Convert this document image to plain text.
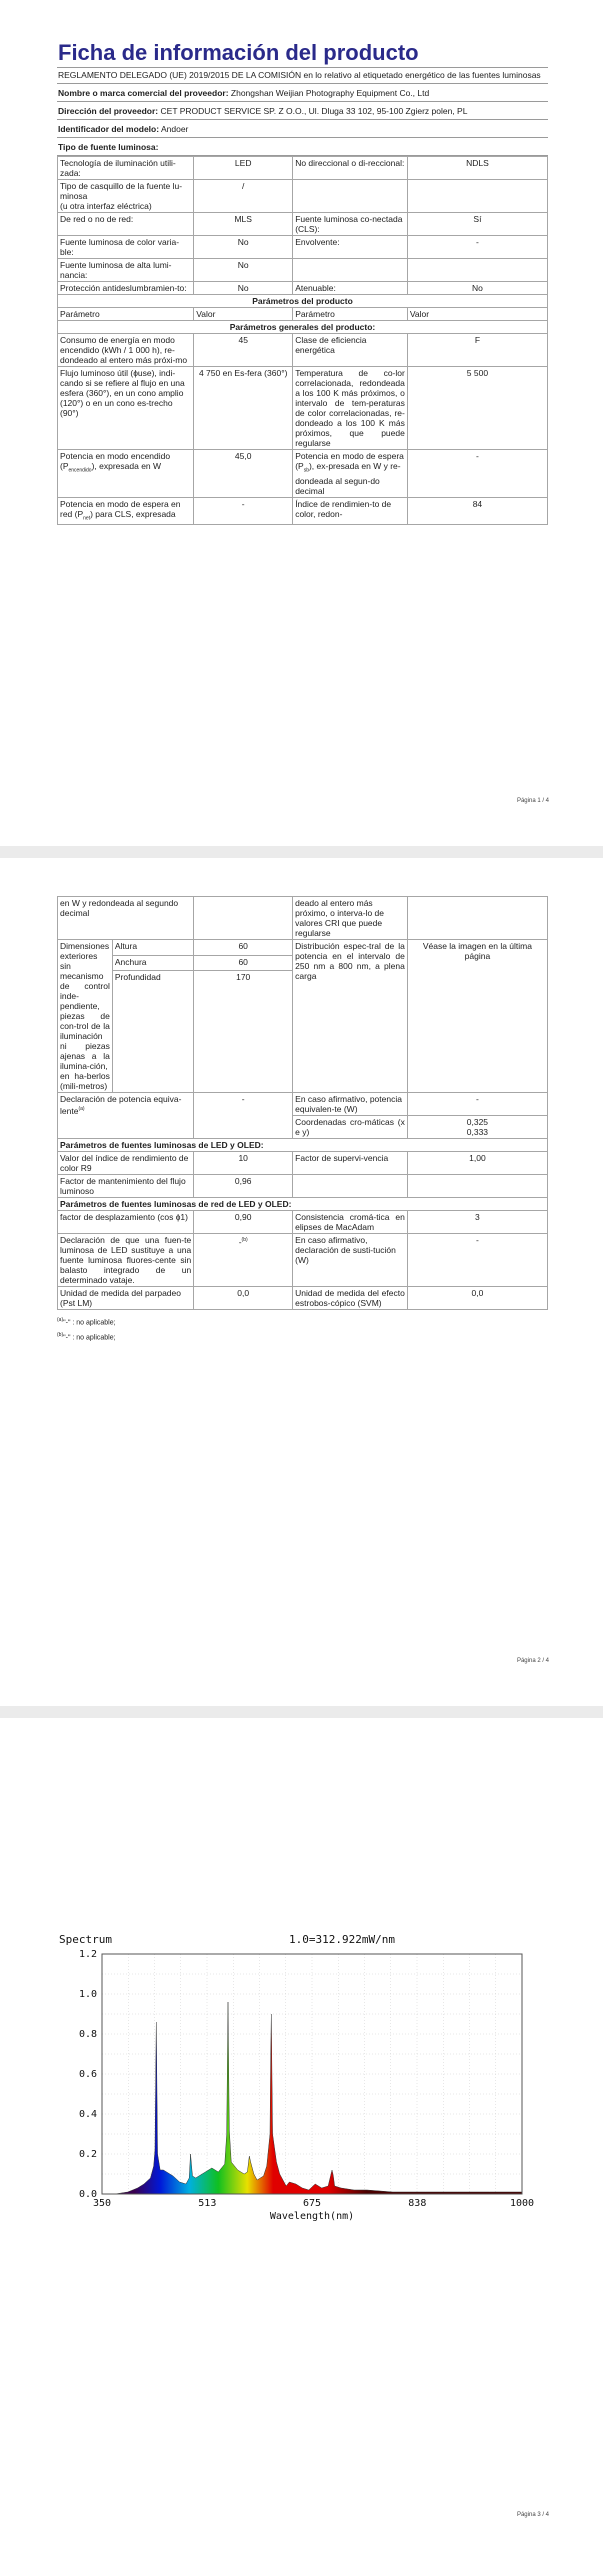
Ficha de información del producto
REGLAMENTO DELEGADO (UE) 2019/2015 DE LA COMISIÓN en lo relativo al etiquetado energético de las fuentes luminosas
Nombre o marca comercial del proveedor: Zhongshan Weijian Photography Equipment Co., Ltd
Dirección del proveedor: CET PRODUCT SERVICE SP. Z O.O., Ul. Dluga 33 102, 95-100 Zgierz polen, PL
Identificador del modelo: Andoer
Tipo de fuente luminosa:
Tecnología de iluminación utili-zada:	LED	No direccional o di-reccional:	NDLS

Tipo de casquillo de la fuente lu-minosa
(u otra interfaz eléctrica)	/		
De red o no de red:	MLS	Fuente luminosa co-nectada (CLS):	Sí
Fuente luminosa de color varia-ble:	No	Envolvente:	-
Fuente luminosa de alta lumi-nancia:	No		
Protección antideslumbramien-to:	No	Atenuable:	No
Parámetros del producto			
Parámetro	Valor	Parámetro	Valor
Parámetros generales del producto:			
Consumo de energía en modo encendido (kWh / 1 000 h), re-dondeado al entero más próxi-mo	45	Clase de eficiencia energética	F
Flujo luminoso útil (ɸuse), indi-cando si se refiere al flujo en una esfera (360°), en un cono amplio (120°) o en un cono es-trecho (90°)	4 750 en Es-fera (360°)	Temperatura de co-lor correlacionada, redondeada a los 100 K más próximos, o intervalo de tem-peraturas de color correlacionadas, re-dondeado a los 100 K más próximos, que puede regularse	5 500
Potencia en modo encendido $(P_{encendido})$, expresada en W	45,0	Potencia en modo de espera $(P_{sb})$, ex-presada en W y re-dondeada al segun-do decimal	-
Potencia en modo de espera en red $(P_{net})$ para CLS, expresada	-	Índice de rendimien-to de color, redon-	84
Página 1 / 4
en W y redondeada al segundo decimal			deado al entero más próximo, o interva-lo de valores CRI que puede regularse	
Dimensiones exteriores sin mecanismo de control inde-pendiente, piezas de con-trol de la iluminación ni piezas ajenas a la ilumina-ción, en ha-berlos (mili-metros)	Altura	60	Distribución espec-tral de la potencia en el intervalo de 250 nm a 800 nm, a plena carga	Véase la imagen en la última página
	Anchura	60		
	Profundidad	170		
Declaración de potencia equiva-lente$^{(a)}$		-	En caso afirmativo, potencia equivalen-te (W)	-
			Coordenadas cro-máticas (x e y)	0,325
0,333

Parámetros de fuentes luminosas de LED y OLED:				
Valor del índice de rendimiento de color R9		10	Factor de supervi-vencia	1,00
Factor de mantenimiento del flujo luminoso		0,96		
Parámetros de fuentes luminosas de red de LED y OLED:				
factor de desplazamiento (cos ɸ1)		0,90	Consistencia cromá-tica en elipses de MacAdam	3
Declaración de que una fuen-te luminosa de LED sustituye a una fuente luminosa fluores-cente sin balasto integrado de un determinado vataje.		-$^{(b)}$	En caso afirmativo, declaración de susti-tución (W)	-
Unidad de medida del parpadeo (Pst LM)		0,0	Unidad de medida del efecto estrobos-cópico (SVM)	0,0
$^{(a)}$"-" : no aplicable;
$^{(b)}$"-" : no aplicable;
Página 2 / 4
Spectrum	1.0=312.922mW/nm
0.0
0.2
0.4
0.6
0.8
1.0
1.2
350	513	675	838	1000
Wavelength(nm)
Página 3 / 4
